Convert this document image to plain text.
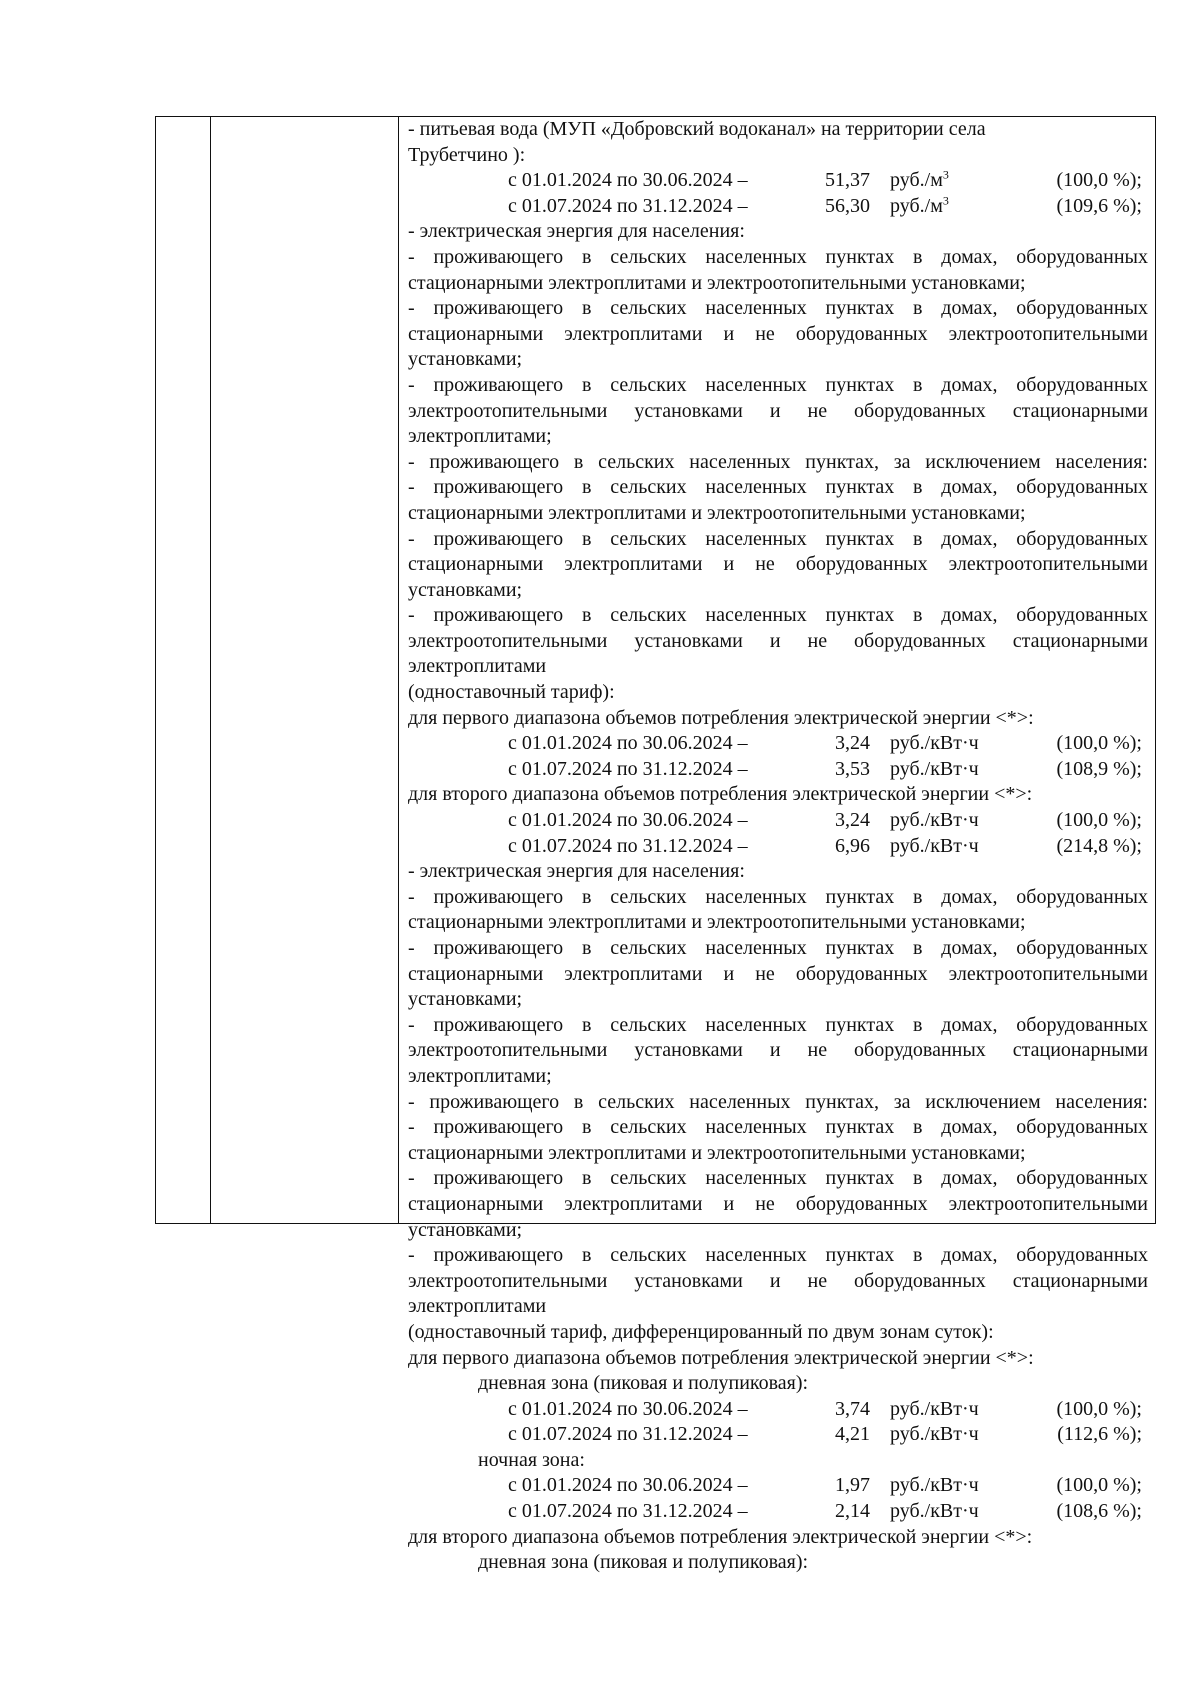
- питьевая вода (МУП «Добровский водоканал» на территории села
Трубетчино ):
с 01.01.2024 по 30.06.2024 –	51,37 $руб./м^3$	(100,0 %);
с 01.07.2024 по 31.12.2024 –	56,30 $руб./м^3$	(109,6 %);
- электрическая энергия для населения:
- проживающего в сельских населенных пунктах в домах, оборудованных
стационарными электроплитами и электроотопительными установками;
- проживающего в сельских населенных пунктах в домах, оборудованных
стационарными электроплитами и не оборудованных электроотопительными
установками;
- проживающего в сельских населенных пунктах в домах, оборудованных
электроотопительными установками и не оборудованных стационарными
электроплитами;
- проживающего в сельских населенных пунктах, за исключением населения:
- проживающего в сельских населенных пунктах в домах, оборудованных
стационарными электроплитами и электроотопительными установками;
- проживающего в сельских населенных пунктах в домах, оборудованных
стационарными электроплитами и не оборудованных электроотопительными
установками;
- проживающего в сельских населенных пунктах в домах, оборудованных
электроотопительными установками и не оборудованных стационарными
электроплитами
(одноставочный тариф):
для первого диапазона объемов потребления электрической энергии <*>:
с 01.01.2024 по 30.06.2024 –	3,24 руб./кВт·ч	(100,0 %);
с 01.07.2024 по 31.12.2024 –	3,53 руб./кВт·ч	(108,9 %);
для второго диапазона объемов потребления электрической энергии <*>:
с 01.01.2024 по 30.06.2024 –	3,24 руб./кВт·ч	(100,0 %);
с 01.07.2024 по 31.12.2024 –	6,96 руб./кВт·ч	(214,8 %);
- электрическая энергия для населения:
- проживающего в сельских населенных пунктах в домах, оборудованных
стационарными электроплитами и электроотопительными установками;
- проживающего в сельских населенных пунктах в домах, оборудованных
стационарными электроплитами и не оборудованных электроотопительными
установками;
- проживающего в сельских населенных пунктах в домах, оборудованных
электроотопительными установками и не оборудованных стационарными
электроплитами;
- проживающего в сельских населенных пунктах, за исключением населения:
- проживающего в сельских населенных пунктах в домах, оборудованных
стационарными электроплитами и электроотопительными установками;
- проживающего в сельских населенных пунктах в домах, оборудованных
стационарными электроплитами и не оборудованных электроотопительными
установками;
- проживающего в сельских населенных пунктах в домах, оборудованных
электроотопительными установками и не оборудованных стационарными
электроплитами
(одноставочный тариф, дифференцированный по двум зонам суток):
для первого диапазона объемов потребления электрической энергии <*>:
дневная зона (пиковая и полупиковая):
с 01.01.2024 по 30.06.2024 –	3,74 руб./кВт·ч	(100,0 %);
с 01.07.2024 по 31.12.2024 –	4,21 руб./кВт·ч	(112,6 %);
ночная зона:
с 01.01.2024 по 30.06.2024 –	1,97 руб./кВт·ч	(100,0 %);
с 01.07.2024 по 31.12.2024 –	2,14 руб./кВт·ч	(108,6 %);
для второго диапазона объемов потребления электрической энергии <*>:
дневная зона (пиковая и полупиковая):
